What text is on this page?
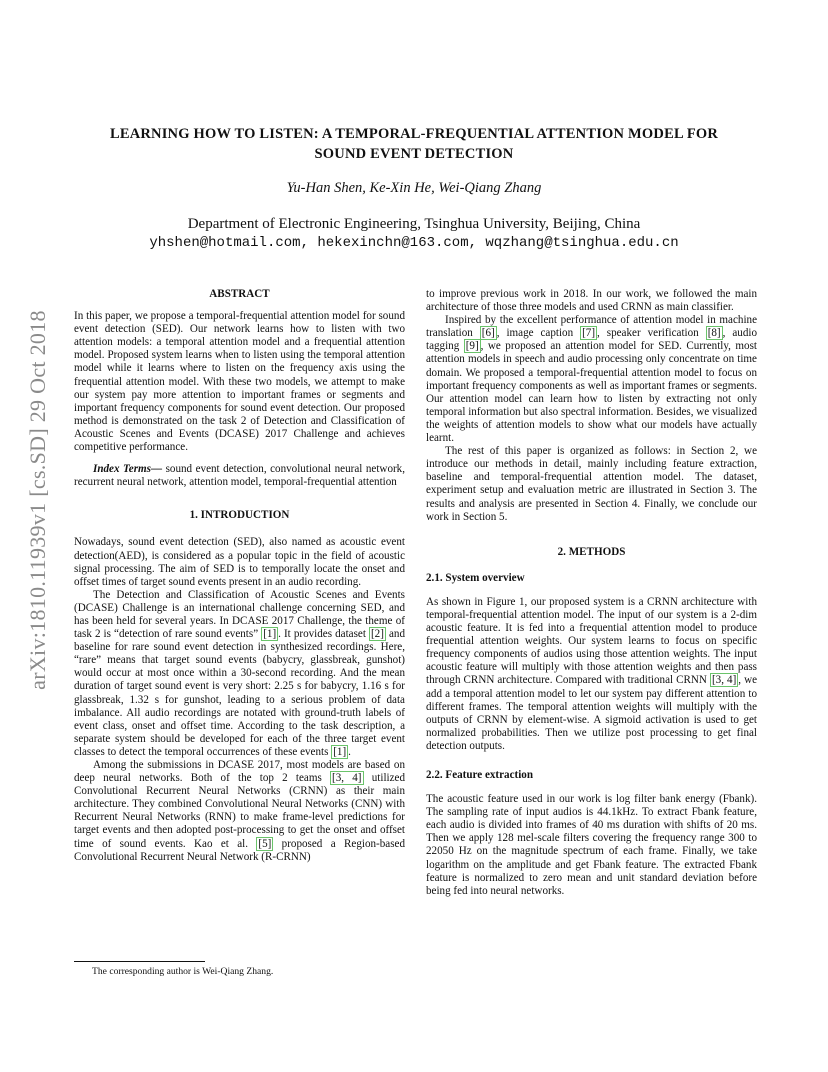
arXiv:1810.11939v1 [cs.SD] 29 Oct 2018
LEARNING HOW TO LISTEN: A TEMPORAL-FREQUENTIAL ATTENTION MODEL FOR
SOUND EVENT DETECTION
Yu-Han Shen, Ke-Xin He, Wei-Qiang Zhang
Department of Electronic Engineering, Tsinghua University, Beijing, China
yhshen@hotmail.com, hekexinchn@163.com, wqzhang@tsinghua.edu.cn

ABSTRACT

In this paper, we propose a temporal-frequential attention model for sound event detection (SED). Our network learns how to listen with two attention models: a temporal attention model and a frequential attention model. Proposed system learns when to listen using the temporal attention model while it learns where to listen on the frequency axis using the frequential attention model. With these two models, we attempt to make our system pay more attention to important frames or segments and important frequency components for sound event detection. Our proposed method is demonstrated on the task 2 of Detection and Classification of Acoustic Scenes and Events (DCASE) 2017 Challenge and achieves competitive performance.

Index Terms— sound event detection, convolutional neural network, recurrent neural network, attention model, temporal-frequential attention

1. INTRODUCTION

Nowadays, sound event detection (SED), also named as acoustic event detection(AED), is considered as a popular topic in the field of acoustic signal processing. The aim of SED is to temporally locate the onset and offset times of target sound events present in an audio recording.

The Detection and Classification of Acoustic Scenes and Events (DCASE) Challenge is an international challenge concerning SED, and has been held for several years. In DCASE 2017 Challenge, the theme of task 2 is “detection of rare sound events” [1] . It provides dataset [2] and baseline for rare sound event detection in synthesized recordings. Here, “rare” means that target sound events (babycry, glassbreak, gunshot) would occur at most once within a 30-second recording. And the mean duration of target sound event is very short: 2.25 s for babycry, 1.16 s for glassbreak, 1.32 s for gunshot, leading to a serious problem of data imbalance. All audio recordings are notated with ground-truth labels of event class, onset and offset time. According to the task description, a separate system should be developed for each of the three target event classes to detect the temporal occurrences of these events [1] .

Among the submissions in DCASE 2017, most models are based on deep neural networks. Both of the top 2 teams [3, 4] utilized Convolutional Recurrent Neural Networks (CRNN) as their main architecture. They combined Convolutional Neural Networks (CNN) with Recurrent Neural Networks (RNN) to make frame-level predictions for target events and then adopted post-processing to get the onset and offset time of sound events. Kao et al. [5] proposed a Region-based Convolutional Recurrent Neural Network (R-CRNN)

to improve previous work in 2018. In our work, we followed the main architecture of those three models and used CRNN as main classifier.

Inspired by the excellent performance of attention model in machine translation [6] , image caption [7] , speaker verification [8] , audio tagging [9] , we proposed an attention model for SED. Currently, most attention models in speech and audio processing only concentrate on time domain. We proposed a temporal-frequential attention model to focus on important frequency components as well as important frames or segments. Our attention model can learn how to listen by extracting not only temporal information but also spectral information. Besides, we visualized the weights of attention models to show what our models have actually learnt.

The rest of this paper is organized as follows: in Section 2, we introduce our methods in detail, mainly including feature extraction, baseline and temporal-frequential attention model. The dataset, experiment setup and evaluation metric are illustrated in Section 3. The results and analysis are presented in Section 4. Finally, we conclude our work in Section 5.

2. METHODS

2.1. System overview

As shown in Figure 1, our proposed system is a CRNN architecture with temporal-frequential attention model. The input of our system is a 2-dim acoustic feature. It is fed into a frequential attention model to produce frequential attention weights. Our system learns to focus on specific frequency components of audios using those attention weights. The input acoustic feature will multiply with those attention weights and then pass through CRNN architecture. Compared with traditional CRNN [3, 4] , we add a temporal attention model to let our system pay different attention to different frames. The temporal attention weights will multiply with the outputs of CRNN by element-wise. A sigmoid activation is used to get normalized probabilities. Then we utilize post processing to get final detection outputs.

2.2. Feature extraction

The acoustic feature used in our work is log filter bank energy (Fbank). The sampling rate of input audios is 44.1kHz. To extract Fbank feature, each audio is divided into frames of 40 ms duration with shifts of 20 ms. Then we apply 128 mel-scale filters covering the frequency range 300 to 22050 Hz on the magnitude spectrum of each frame. Finally, we take logarithm on the amplitude and get Fbank feature. The extracted Fbank feature is normalized to zero mean and unit standard deviation before being fed into neural networks.

The corresponding author is Wei-Qiang Zhang.
